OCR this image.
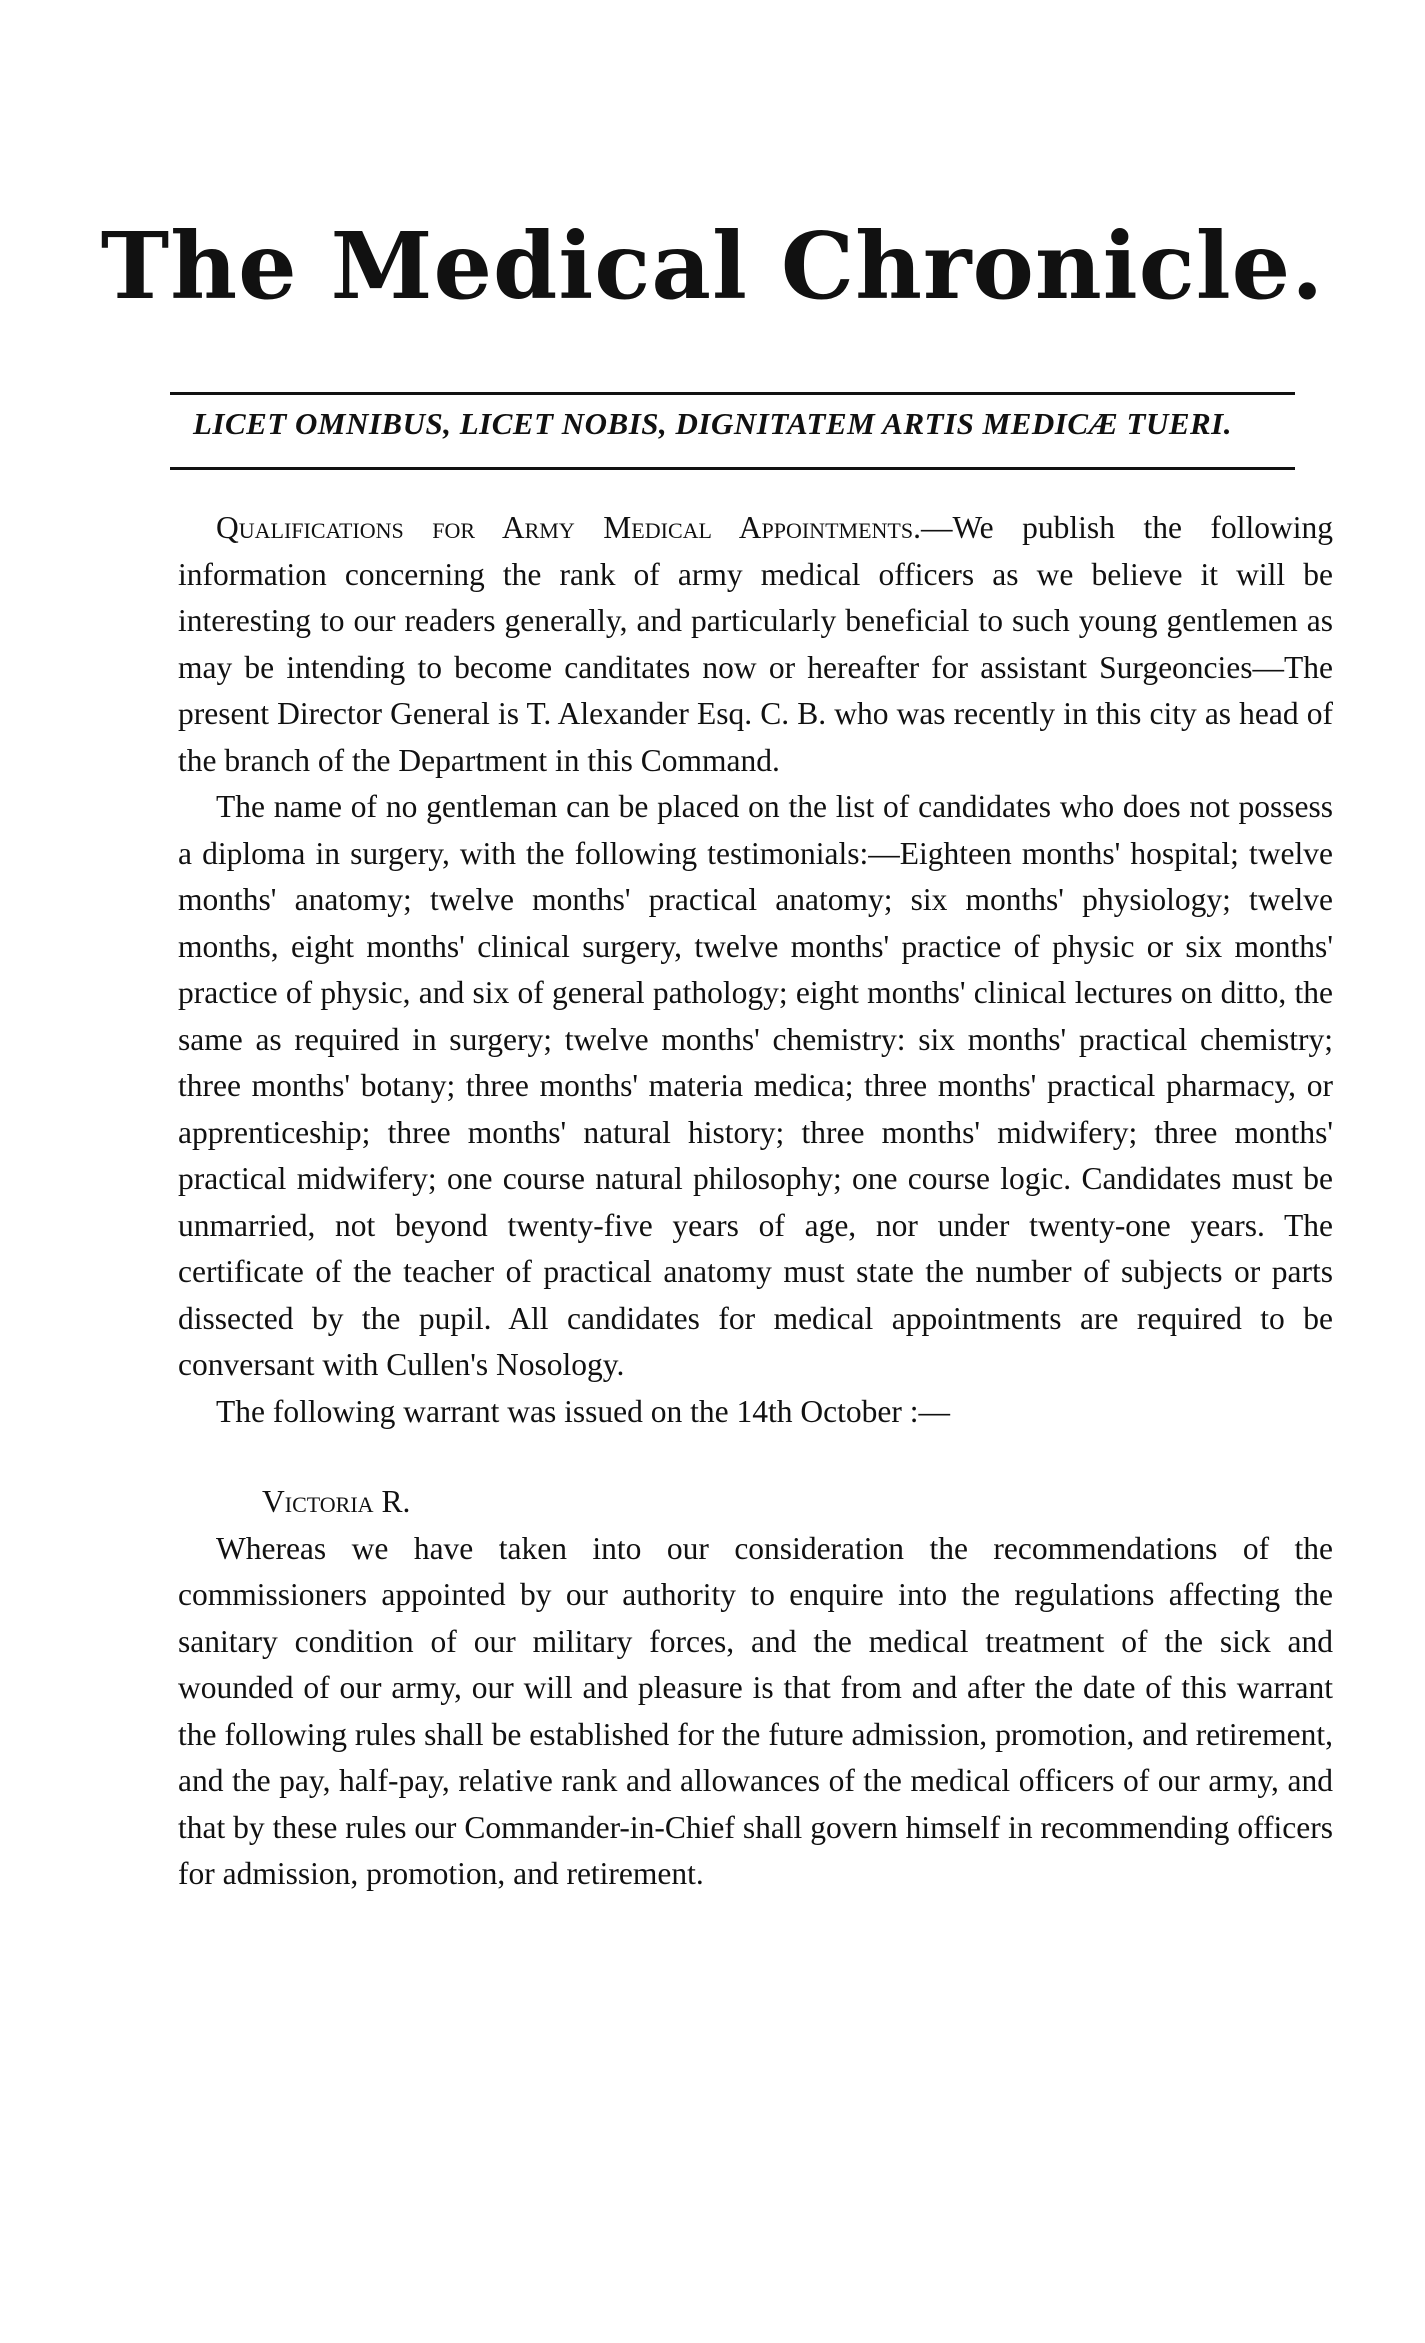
The Medical Chronicle.
LICET OMNIBUS, LICET NOBIS, DIGNITATEM ARTIS MEDICÆ TUERI.

Qualifications for Army Medical Appointments.—We publish the following information concerning the rank of army medical officers as we believe it will be interesting to our readers generally, and particularly beneficial to such young gentlemen as may be intending to become canditates now or hereafter for assistant Surgeoncies—The present Director General is T. Alexander Esq. C. B. who was recently in this city as head of the branch of the Department in this Command.

The name of no gentleman can be placed on the list of candidates who does not possess a diploma in surgery, with the following testimonials:—Eighteen months' hospital; twelve months' anatomy; twelve months' practical anatomy; six months' physiology; twelve months, eight months' clinical surgery, twelve months' practice of physic or six months' practice of physic, and six of general pathology; eight months' clinical lectures on ditto, the same as required in surgery; twelve months' chemistry: six months' practical chemistry; three months' botany; three months' materia medica; three months' practical pharmacy, or apprenticeship; three months' natural history; three months' midwifery; three months' practical midwifery; one course natural philosophy; one course logic. Candidates must be unmarried, not beyond twenty-five years of age, nor under twenty-one years. The certificate of the teacher of practical anatomy must state the number of subjects or parts dissected by the pupil. All candidates for medical appointments are required to be conversant with Cullen's Nosology.

The following warrant was issued on the 14th October :—

Victoria R.

Whereas we have taken into our consideration the recommendations of the commissioners appointed by our authority to enquire into the regulations affecting the sanitary condition of our military forces, and the medical treatment of the sick and wounded of our army, our will and pleasure is that from and after the date of this warrant the following rules shall be established for the future admission, promotion, and retirement, and the pay, half-pay, relative rank and allowances of the medical officers of our army, and that by these rules our Commander-in-Chief shall govern himself in recommending officers for admission, promotion, and retirement.
